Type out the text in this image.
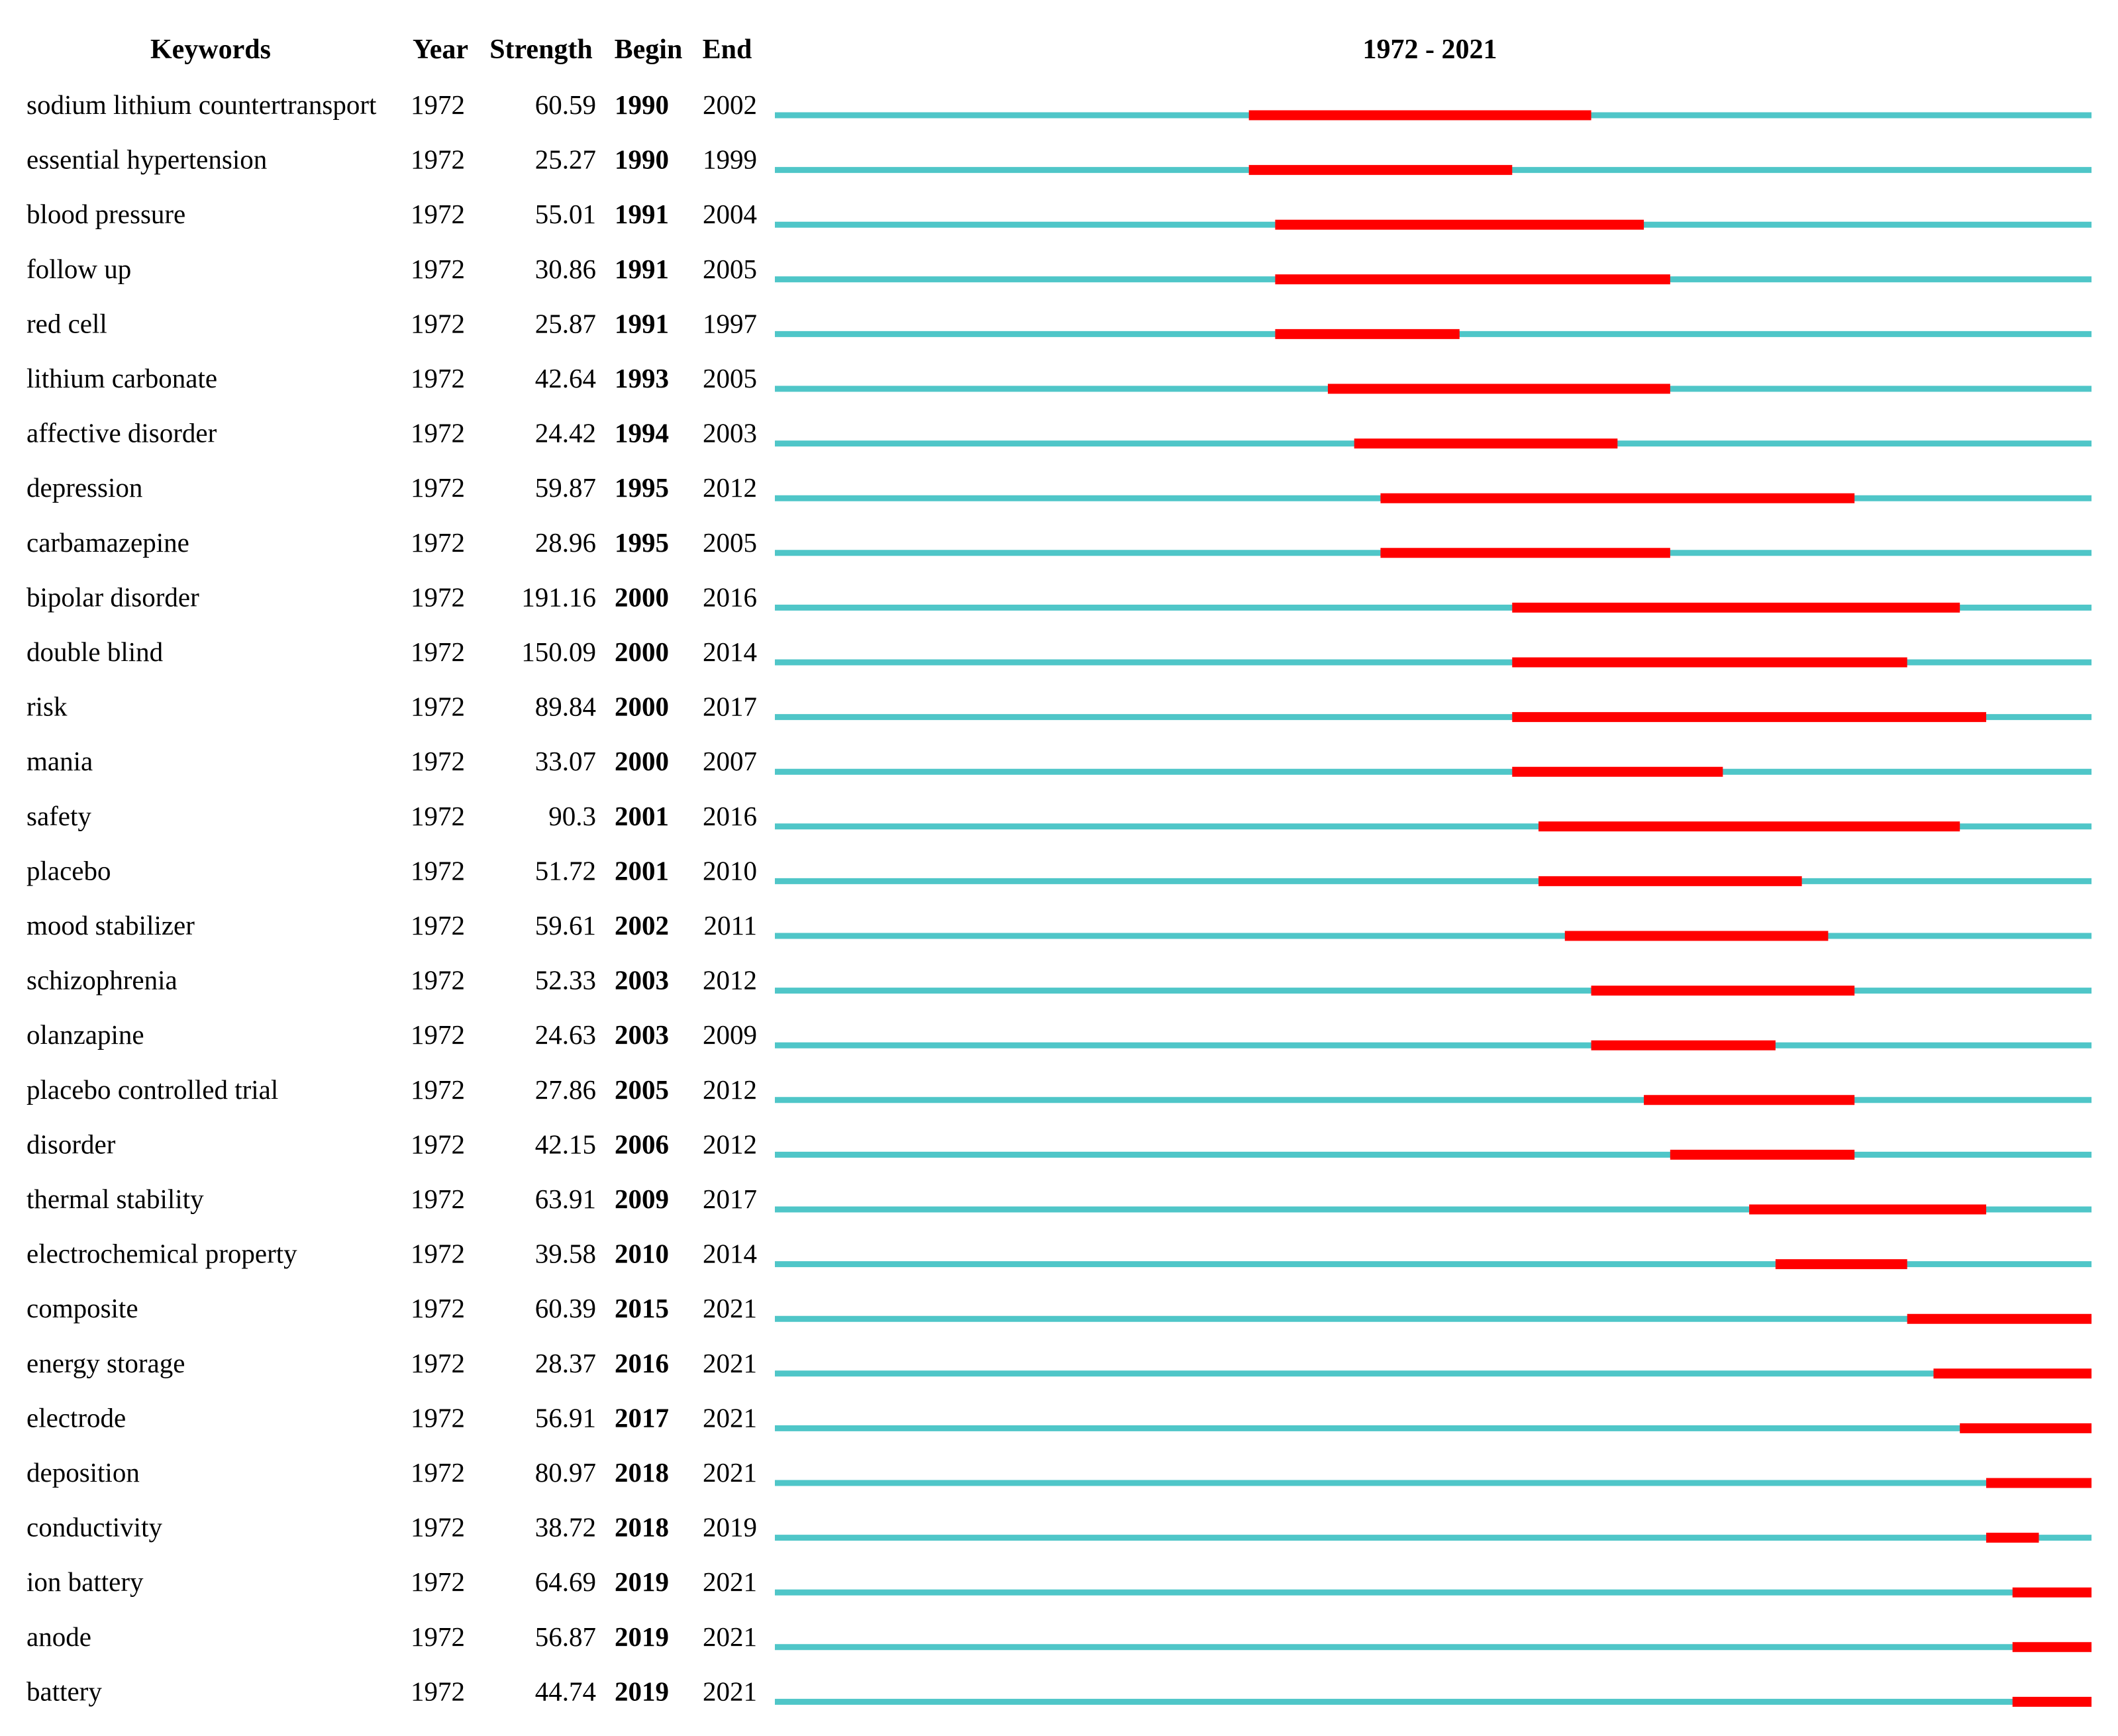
Keywords	Year Strength Begin End	1972 - 2021
sodium lithium countertransport 1972	60.59 1990 2002
essential hypertension	1972	25.27 1990 1999
blood pressure	1972	55.01 1991 2004
follow up	1972	30.86 1991 2005
red cell	1972	25.87 1991 1997
lithium carbonate	1972	42.64 1993 2005
affective disorder	1972	24.42 1994 2003
depression	1972	59.87 1995 2012
carbamazepine	1972	28.96 1995 2005
bipolar disorder	1972 191.16 2000 2016
double blind	1972 150.09 2000 2014
risk	1972	89.84 2000 2017
mania	1972	33.07 2000 2007
safety	1972	90.3 2001 2016
placebo	1972	51.72 2001 2010
mood stabilizer	1972	59.61 2002 2011
schizophrenia	1972	52.33 2003 2012
olanzapine	1972	24.63 2003 2009
placebo controlled trial	1972	27.86 2005 2012
disorder	1972	42.15 2006 2012
thermal stability	1972	63.91 2009 2017
electrochemical property	1972	39.58 2010 2014
composite	1972	60.39 2015 2021
energy storage	1972	28.37 2016 2021
electrode	1972	56.91 2017 2021
deposition	1972	80.97 2018 2021
conductivity	1972	38.72 2018 2019
ion battery	1972	64.69 2019 2021
anode	1972	56.87 2019 2021
battery	1972	44.74 2019 2021
